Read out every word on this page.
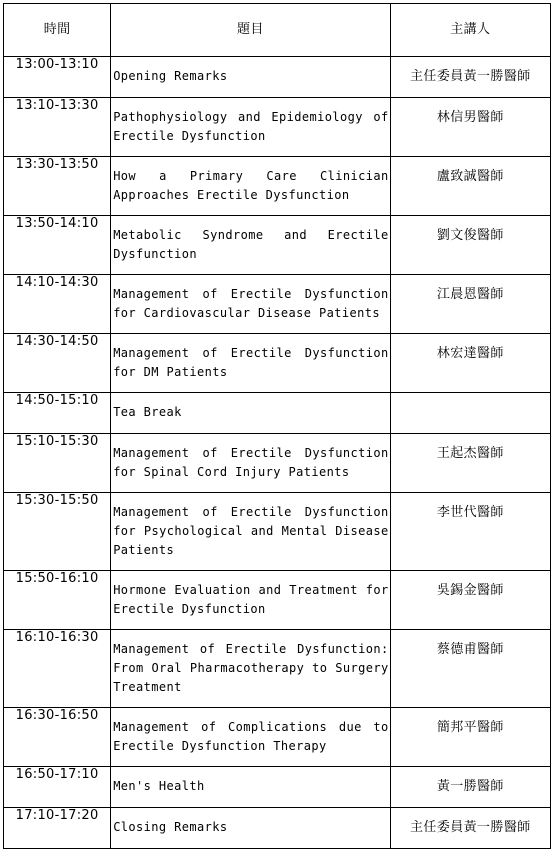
時間	題目	主講人
13:00-13:10	Opening Remarks	主任委員黃一勝醫師
13:10-13:30	Pathophysiology and Epidemiology of Erectile Dysfunction	林信男醫師
13:30-13:50	How a Primary Care Clinician Approaches Erectile Dysfunction	盧致誠醫師
13:50-14:10	Metabolic Syndrome and Erectile Dysfunction	劉文俊醫師
14:10-14:30	Management of Erectile Dysfunction for Cardiovascular Disease Patients	江晨恩醫師
14:30-14:50	Management of Erectile Dysfunction for DM Patients	林宏達醫師
14:50-15:10	Tea Break	
15:10-15:30	Management of Erectile Dysfunction for Spinal Cord Injury Patients	王起杰醫師
15:30-15:50	Management of Erectile Dysfunction for Psychological and Mental Disease Patients	李世代醫師
15:50-16:10	Hormone Evaluation and Treatment for Erectile Dysfunction	吳錫金醫師
16:10-16:30	Management of Erectile Dysfunction: From Oral Pharmacotherapy to Surgery Treatment	蔡德甫醫師
16:30-16:50	Management of Complications due to Erectile Dysfunction Therapy	簡邦平醫師
16:50-17:10	Men's Health	黃一勝醫師
17:10-17:20	Closing Remarks	主任委員黃一勝醫師
